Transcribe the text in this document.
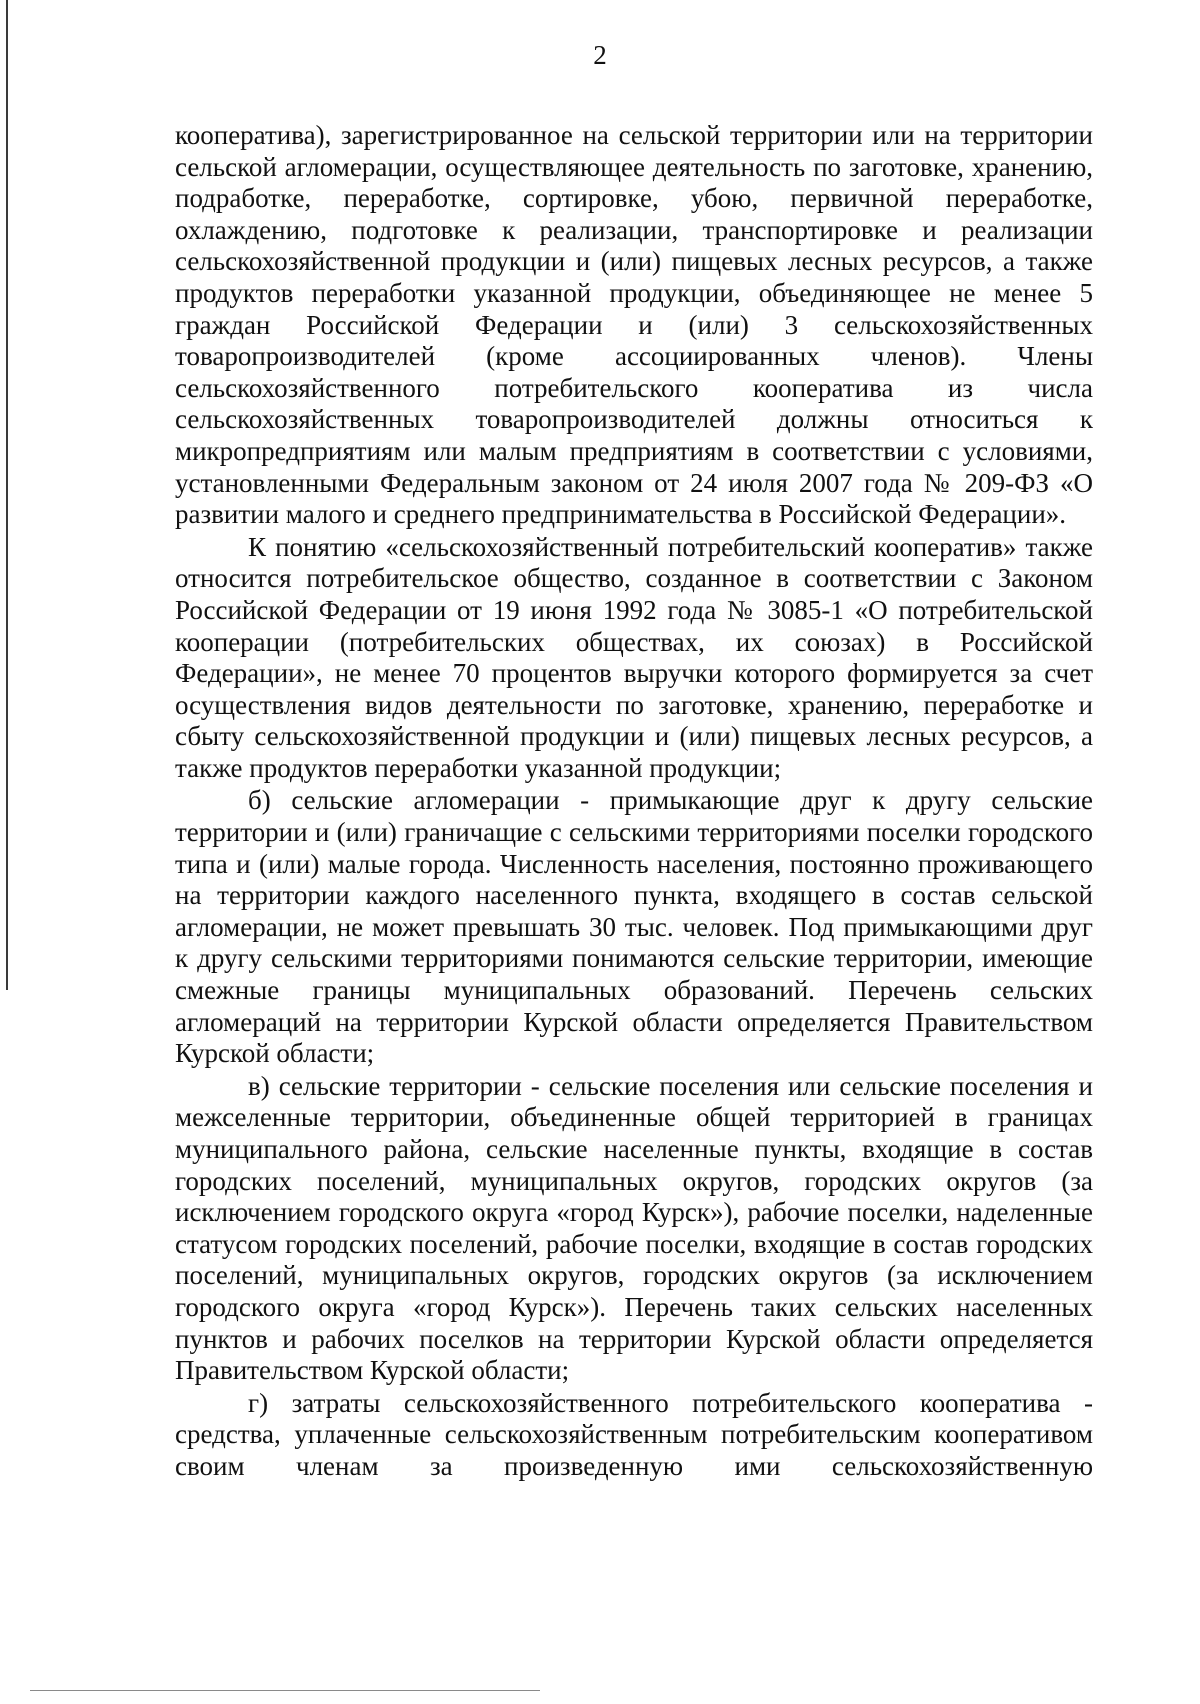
2

кооператива), зарегистрированное на сельской территории или на территории сельской агломерации, осуществляющее деятельность по заготовке, хранению, подработке, переработке, сортировке, убою, первичной переработке, охлаждению, подготовке к реализации, транспортировке и реализации сельскохозяйственной продукции и (или) пищевых лесных ресурсов, а также продуктов переработки указанной продукции, объединяющее не менее 5 граждан Российской Федерации и (или) 3 сельскохозяйственных товаропроизводителей (кроме ассоциированных членов). Члены сельскохозяйственного потребительского кооператива из числа сельскохозяйственных товаропроизводителей должны относиться к микропредприятиям или малым предприятиям в соответствии с условиями, установленными Федеральным законом от 24 июля 2007 года № 209-ФЗ «О развитии малого и среднего предпринимательства в Российской Федерации».

К понятию «сельскохозяйственный потребительский кооператив» также относится потребительское общество, созданное в соответствии с Законом Российской Федерации от 19 июня 1992 года № 3085-1 «О потребительской кооперации (потребительских обществах, их союзах) в Российской Федерации», не менее 70 процентов выручки которого формируется за счет осуществления видов деятельности по заготовке, хранению, переработке и сбыту сельскохозяйственной продукции и (или) пищевых лесных ресурсов, а также продуктов переработки указанной продукции;

б) сельские агломерации - примыкающие друг к другу сельские территории и (или) граничащие с сельскими территориями поселки городского типа и (или) малые города. Численность населения, постоянно проживающего на территории каждого населенного пункта, входящего в состав сельской агломерации, не может превышать 30 тыс. человек. Под примыкающими друг к другу сельскими территориями понимаются сельские территории, имеющие смежные границы муниципальных образований. Перечень сельских агломераций на территории Курской области определяется Правительством Курской области;

в) сельские территории - сельские поселения или сельские поселения и межселенные территории, объединенные общей территорией в границах муниципального района, сельские населенные пункты, входящие в состав городских поселений, муниципальных округов, городских округов (за исключением городского округа «город Курск»), рабочие поселки, наделенные статусом городских поселений, рабочие поселки, входящие в состав городских поселений, муниципальных округов, городских округов (за исключением городского округа «город Курск»). Перечень таких сельских населенных пунктов и рабочих поселков на территории Курской области определяется Правительством Курской области;

г) затраты сельскохозяйственного потребительского кооператива - средства, уплаченные сельскохозяйственным потребительским кооперативом своим членам за произведенную ими сельскохозяйственную
